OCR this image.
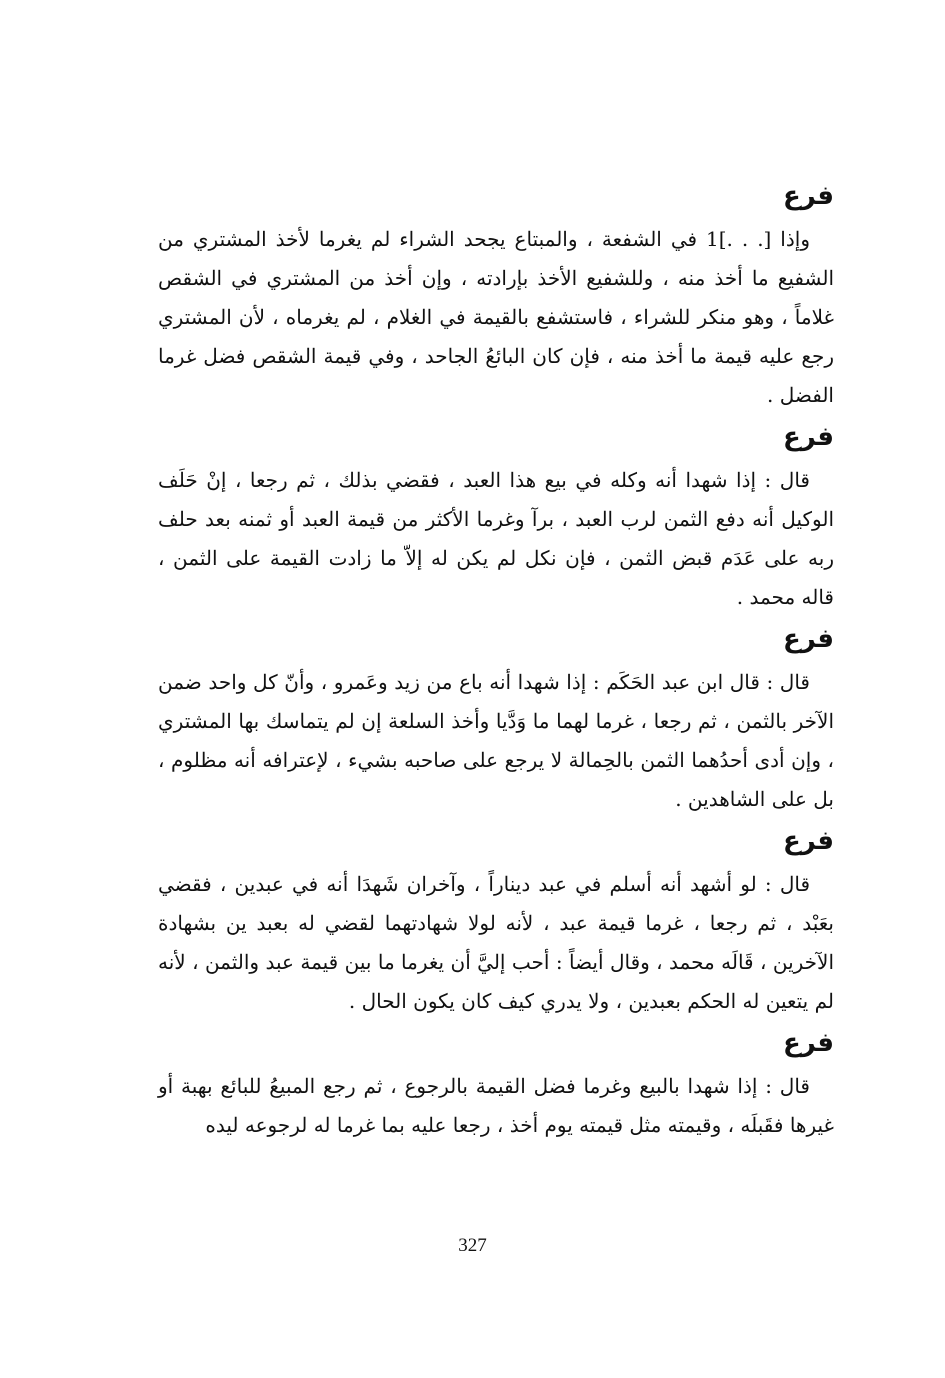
فرع

وإذا [. . .]1 في الشفعة ، والمبتاع يجحد الشراء لم يغرما لأخذ المشتري من الشفيع ما أخذ منه ، وللشفيع الأخذ بإرادته ، وإن أخذ من المشتري في الشقص غلاماً ، وهو منكر للشراء ، فاستشفع بالقيمة في الغلام ، لم يغرماه ، لأن المشتري رجع عليه قيمة ما أخذ منه ، فإن كان البائعُ الجاحد ، وفي قيمة الشقص فضل غرما الفضل .

فرع

قال : إذا شهدا أنه وكله في بيع هذا العبد ، فقضي بذلك ، ثم رجعا ، إنْ حَلَف الوكيل أنه دفع الثمن لرب العبد ، برآ وغرما الأكثر من قيمة العبد أو ثمنه بعد حلف ربه على عَدَم قبض الثمن ، فإن نكل لم يكن له إلاّ ما زادت القيمة على الثمن ، قاله محمد .

فرع

قال : قال ابن عبد الحَكَم : إذا شهدا أنه باع من زيد وعَمرو ، وأنّ كل واحد ضمن الآخر بالثمن ، ثم رجعا ، غرما لهما ما وَدَّيا وأخذ السلعة إن لم يتماسك بها المشتري ، وإن أدى أحدُهما الثمن بالحِمالة لا يرجع على صاحبه بشيء ، لإعترافه أنه مظلوم ، بل على الشاهدين .

فرع

قال : لو أشهد أنه أسلم في عبد ديناراً ، وآخران شَهدَا أنه في عبدين ، فقضي بعَبْد ، ثم رجعا ، غرما قيمة عبد ، لأنه لولا شهادتهما لقضي له بعبد ين بشهادة الآخرين ، قَالَه محمد ، وقال أيضاً : أحب إليَّ أن يغرما ما بين قيمة عبد والثمن ، لأنه لم يتعين له الحكم بعبدين ، ولا يدري كيف كان يكون الحال .

فرع

قال : إذا شهدا بالبيع وغرما فضل القيمة بالرجوع ، ثم رجع المبيعُ للبائع بهبة أو غيرها فقَبلَه ، وقيمته مثل قيمته يوم أخذ ، رجعا عليه بما غرما له لرجوعه ليده

327
